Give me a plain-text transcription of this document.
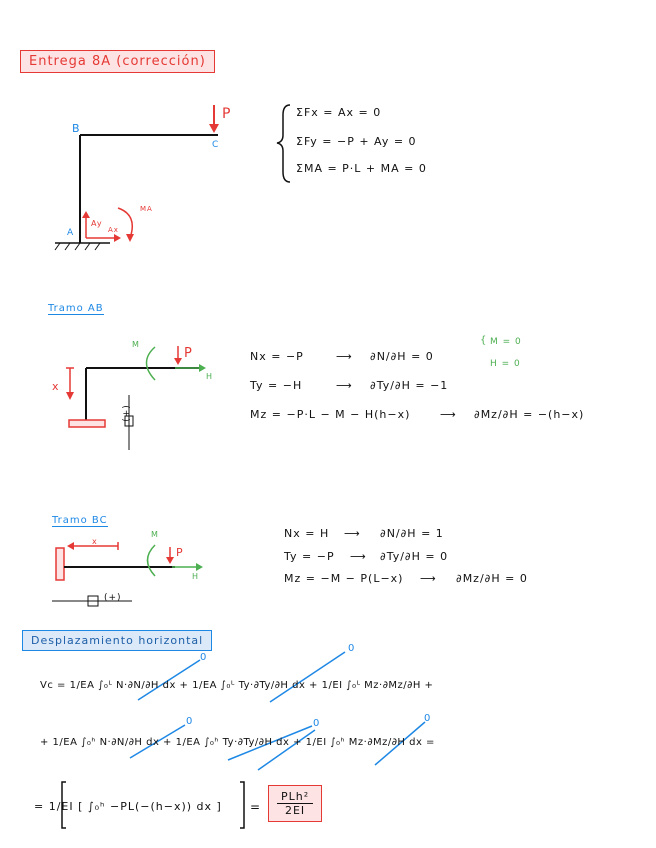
Entrega 8A (corrección)
B
C
A
P
Ay
Ax
MA
ΣFx = Ax = 0
ΣFy = −P + Ay = 0
ΣMA = P·L + MA = 0
Tramo AB
x
M
P
H
(+)
Nx = −P	⟶ ∂N/∂H = 0
Ty = −H	⟶ ∂Ty/∂H = −1
Mz = −P·L − M − H(h−x)	⟶ ∂Mz/∂H = −(h−x)
{ M = 0
H = 0
Tramo BC
x
M
P
H
(+)
Nx = H ⟶ ∂N/∂H = 1
Ty = −P ⟶ ∂Ty/∂H = 0
Mz = −M − P(L−x) ⟶ ∂Mz/∂H = 0
Desplazamiento horizontal
Vc = 1/EA ∫₀ᴸ N·∂N/∂H dx + 1/EA ∫₀ᴸ Ty·∂Ty/∂H dx + 1/EI ∫₀ᴸ Mz·∂Mz/∂H +
+ 1/EA ∫₀ʰ N·∂N/∂H dx + 1/EA ∫₀ʰ Ty·∂Ty/∂H dx + 1/EI ∫₀ʰ Mz·∂Mz/∂H dx =
= 1/EI [ ∫₀ʰ −PL(−(h−x)) dx ]
0
0
0	0	0
=
PLh²
2EI
